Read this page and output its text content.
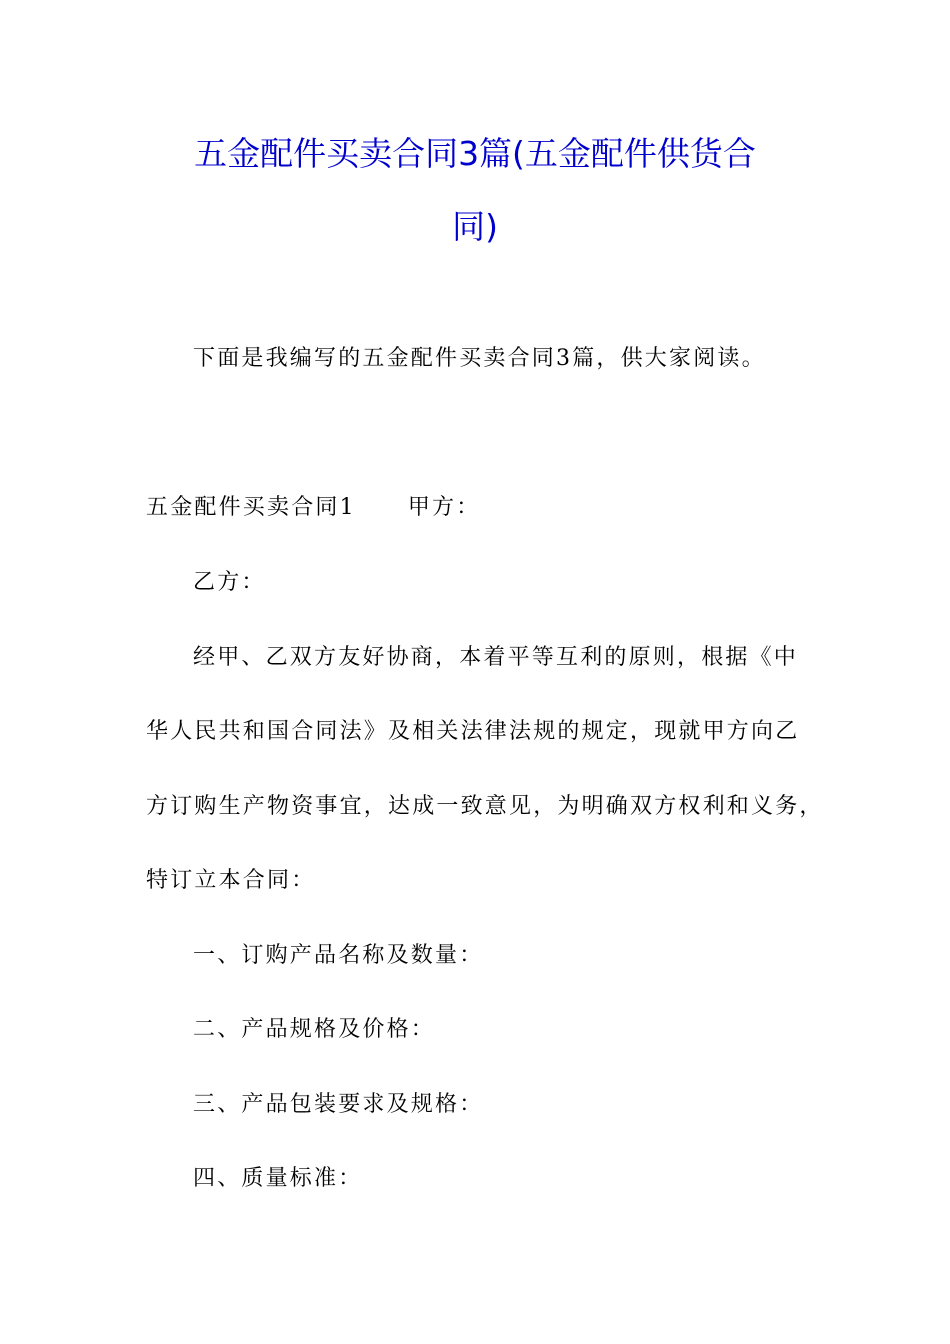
五金配件买卖合同3篇(五金配件供货合
同)
下面是我编写的五金配件买卖合同3篇，供大家阅读。
五金配件买卖合同1 甲方：
乙方：
经甲、乙双方友好协商，本着平等互利的原则，根据《中
华人民共和国合同法》及相关法律法规的规定，现就甲方向乙
方订购生产物资事宜，达成一致意见，为明确双方权利和义务，
特订立本合同：
一、订购产品名称及数量：
二、产品规格及价格：
三、产品包装要求及规格：
四、质量标准：
